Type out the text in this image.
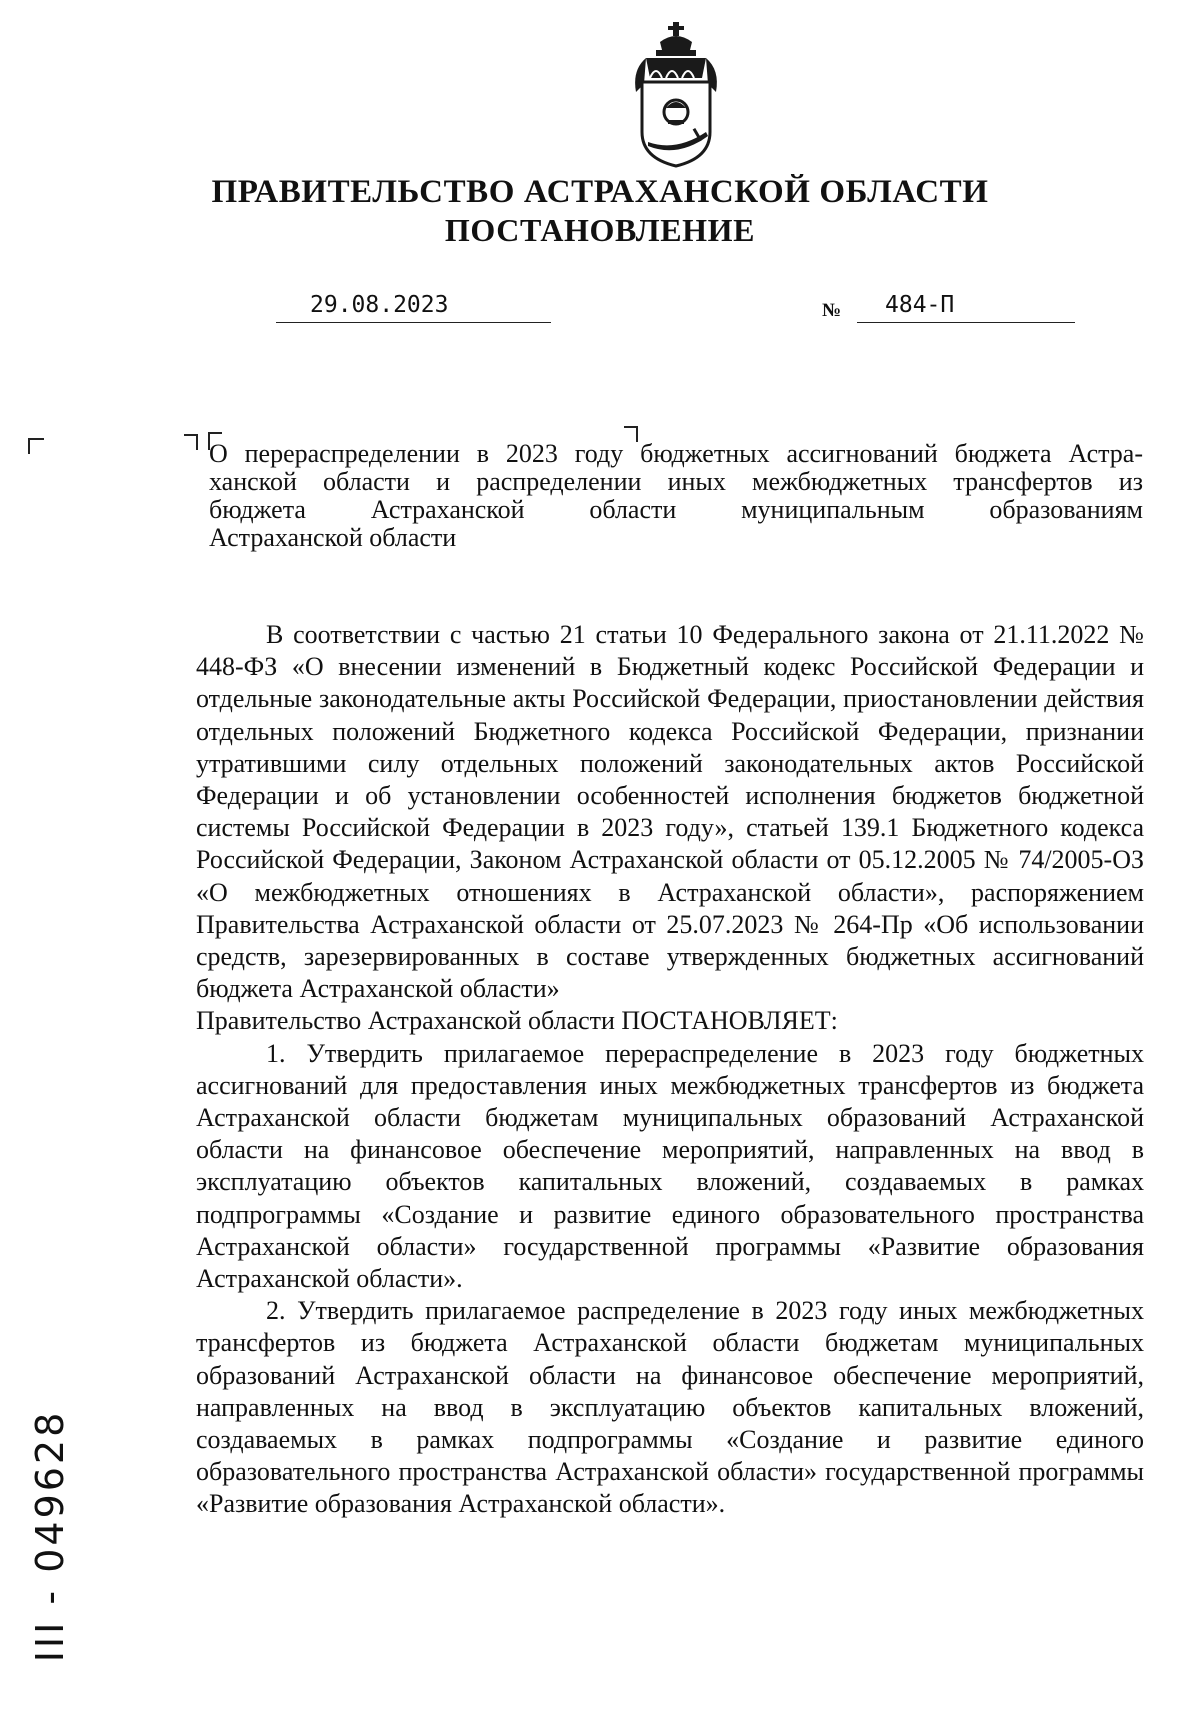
ПРАВИТЕЛЬСТВО АСТРАХАНСКОЙ ОБЛАСТИ
ПОСТАНОВЛЕНИЕ
29.08.2023	№	484-П
О перераспределении в 2023 году бюджетных ассигнований бюджета Астра-
ханской области и распределении иных межбюджетных трансфертов из
бюджета Астраханской области муниципальным образованиям
Астраханской области

В соответствии с частью 21 статьи 10 Федерального закона от 21.11.2022 № 448-ФЗ «О внесении изменений в Бюджетный кодекс Российской Федерации и отдельные законодательные акты Российской Федерации, приостановлении действия отдельных положений Бюджетного кодекса Российской Федерации, признании утратившими силу отдельных положений законодательных актов Российской Федерации и об установлении особенностей исполнения бюджетов бюджетной системы Российской Федерации в 2023 году», статьей 139.1 Бюджетного кодекса Российской Федерации, Законом Астраханской области от 05.12.2005 № 74/2005-ОЗ «О межбюджетных отношениях в Астраханской области», распоряжением Правительства Астраханской области от 25.07.2023 № 264-Пр «Об использовании средств, зарезервированных в составе утвержденных бюджетных ассигнований бюджета Астраханской области»

Правительство Астраханской области ПОСТАНОВЛЯЕТ:

1. Утвердить прилагаемое перераспределение в 2023 году бюджетных ассигнований для предоставления иных межбюджетных трансфертов из бюджета Астраханской области бюджетам муниципальных образований Астраханской области на финансовое обеспечение мероприятий, направленных на ввод в эксплуатацию объектов капитальных вложений, создаваемых в рамках подпрограммы «Создание и развитие единого образовательного пространства Астраханской области» государственной программы «Развитие образования Астраханской области».

2. Утвердить прилагаемое распределение в 2023 году иных межбюджетных трансфертов из бюджета Астраханской области бюджетам муниципальных образований Астраханской области на финансовое обеспечение мероприятий, направленных на ввод в эксплуатацию объектов капитальных вложений, создаваемых в рамках подпрограммы «Создание и развитие единого образовательного пространства Астраханской области» государственной программы «Развитие образования Астраханской области».

III - 049628
